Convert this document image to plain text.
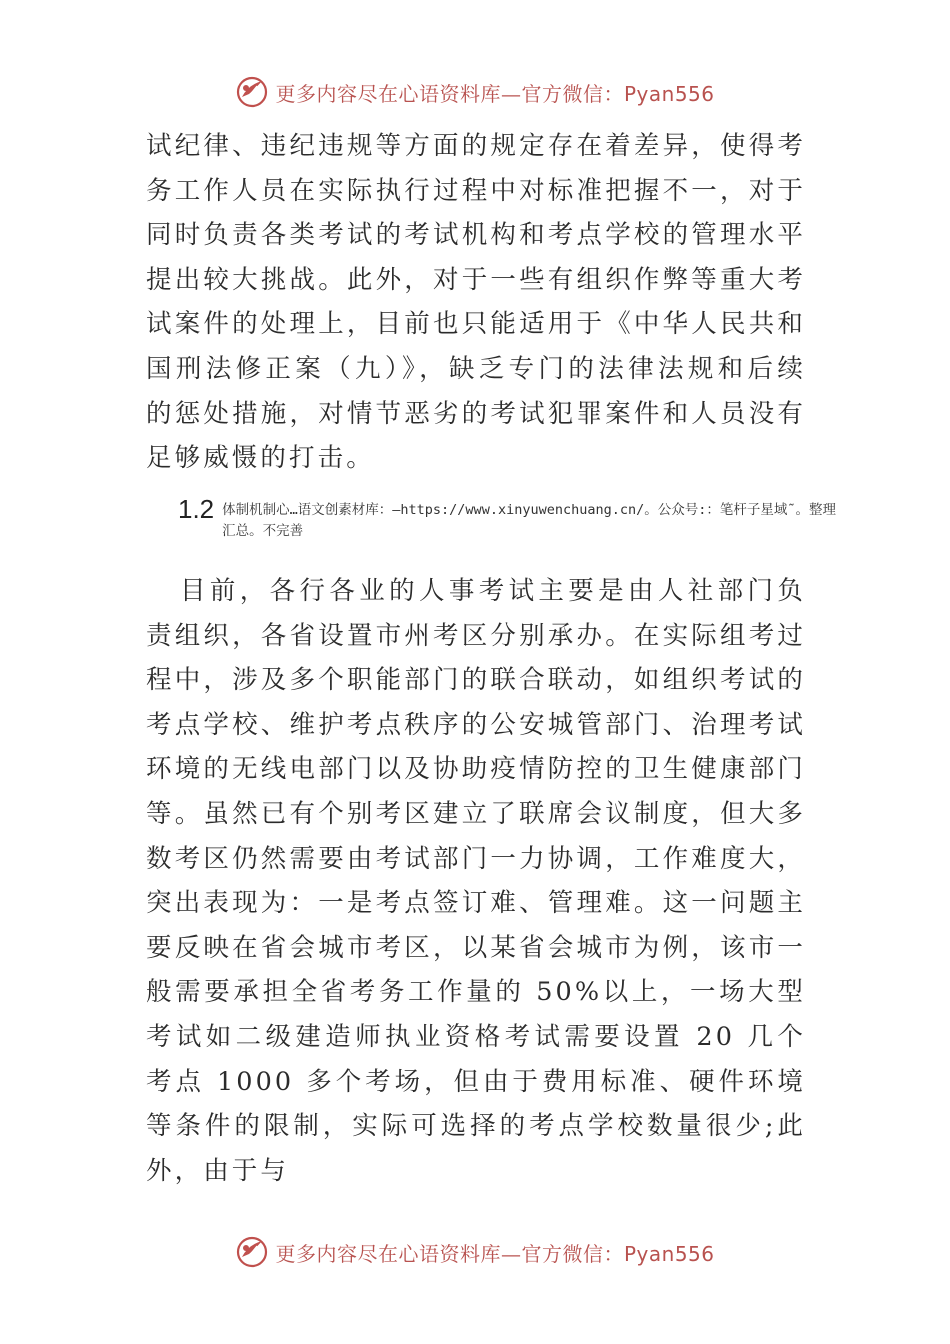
更多内容尽在心语资料库—官方微信：Pyan556

试纪律、违纪违规等方面的规定存在着差异，使得考务工作人员在实际执行过程中对标准把握不一，对于同时负责各类考试的考试机构和考点学校的管理水平提出较大挑战。此外，对于一些有组织作弊等重大考试案件的处理上，目前也只能适用于《中华人民共和国刑法修正案（九）》，缺乏专门的法律法规和后续的惩处措施，对情节恶劣的考试犯罪案件和人员没有足够威慑的打击。

1.2 体制机制心…语文创素材库：—https://www.xinyuwenchuang.cn/。公众号:：笔杆子星域˜。整理汇总。不完善

目前，各行各业的人事考试主要是由人社部门负责组织，各省设置市州考区分别承办。在实际组考过程中，涉及多个职能部门的联合联动，如组织考试的考点学校、维护考点秩序的公安城管部门、治理考试环境的无线电部门以及协助疫情防控的卫生健康部门等。虽然已有个别考区建立了联席会议制度，但大多数考区仍然需要由考试部门一力协调，工作难度大，突出表现为：一是考点签订难、管理难。这一问题主要反映在省会城市考区，以某省会城市为例，该市一般需要承担全省考务工作量的 50%以上，一场大型考试如二级建造师执业资格考试需要设置 20 几个考点 1000 多个考场，但由于费用标准、硬件环境等条件的限制，实际可选择的考点学校数量很少;此外，由于与

更多内容尽在心语资料库—官方微信：Pyan556
